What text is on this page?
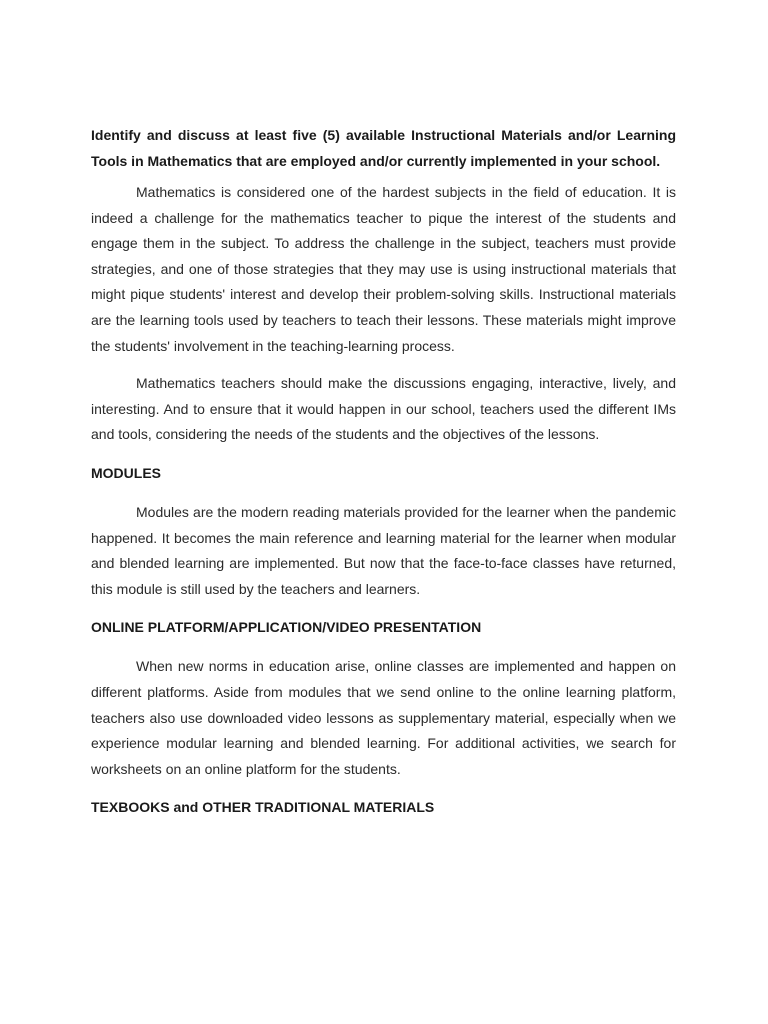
Identify and discuss at least five (5) available Instructional Materials and/or Learning Tools in Mathematics that are employed and/or currently implemented in your school.

Mathematics is considered one of the hardest subjects in the field of education. It is indeed a challenge for the mathematics teacher to pique the interest of the students and engage them in the subject. To address the challenge in the subject, teachers must provide strategies, and one of those strategies that they may use is using instructional materials that might pique students' interest and develop their problem-solving skills. Instructional materials are the learning tools used by teachers to teach their lessons. These materials might improve the students' involvement in the teaching-learning process.

Mathematics teachers should make the discussions engaging, interactive, lively, and interesting. And to ensure that it would happen in our school, teachers used the different IMs and tools, considering the needs of the students and the objectives of the lessons.

MODULES

Modules are the modern reading materials provided for the learner when the pandemic happened. It becomes the main reference and learning material for the learner when modular and blended learning are implemented. But now that the face-to-face classes have returned, this module is still used by the teachers and learners.

ONLINE PLATFORM/APPLICATION/VIDEO PRESENTATION

When new norms in education arise, online classes are implemented and happen on different platforms. Aside from modules that we send online to the online learning platform, teachers also use downloaded video lessons as supplementary material, especially when we experience modular learning and blended learning. For additional activities, we search for worksheets on an online platform for the students.

TEXBOOKS and OTHER TRADITIONAL MATERIALS
